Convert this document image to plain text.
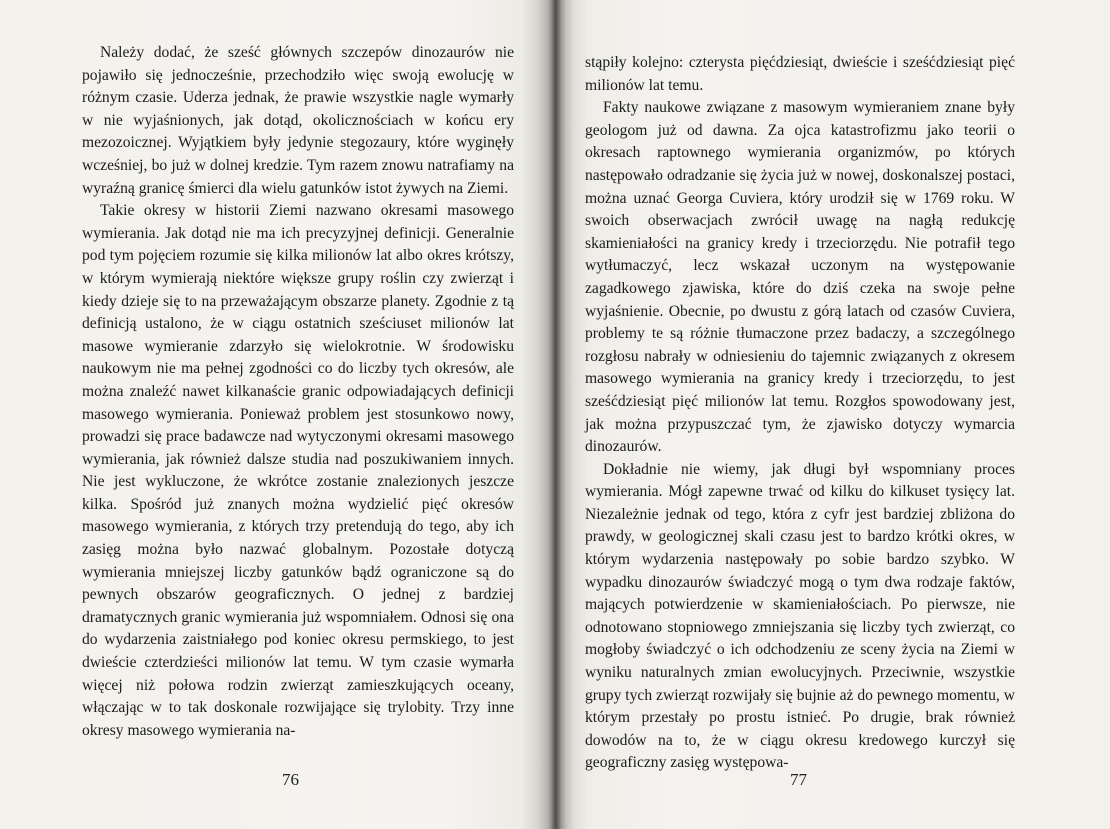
Należy dodać, że sześć głównych szczepów dinozaurów nie pojawiło się jednocześnie, przechodziło więc swoją ewolucję w różnym czasie. Uderza jednak, że prawie wszystkie nagle wymarły w nie wyjaśnionych, jak dotąd, okolicznościach w końcu ery mezozoicznej. Wyjątkiem były jedynie stegozaury, które wyginęły wcześniej, bo już w dolnej kredzie. Tym razem znowu natrafiamy na wyraźną granicę śmierci dla wielu gatunków istot żywych na Ziemi.

Takie okresy w historii Ziemi nazwano okresami masowego wymierania. Jak dotąd nie ma ich precyzyjnej definicji. Generalnie pod tym pojęciem rozumie się kilka milionów lat albo okres krótszy, w którym wymierają niektóre większe grupy roślin czy zwierząt i kiedy dzieje się to na przeważającym obszarze planety. Zgodnie z tą definicją ustalono, że w ciągu ostatnich sześciuset milionów lat masowe wymieranie zdarzyło się wielokrotnie. W środowisku naukowym nie ma pełnej zgodności co do liczby tych okresów, ale można znaleźć nawet kilkanaście granic odpowiadających definicji masowego wymierania. Ponieważ problem jest stosunkowo nowy, prowadzi się prace badawcze nad wytyczonymi okresami masowego wymierania, jak również dalsze studia nad poszukiwaniem innych. Nie jest wykluczone, że wkrótce zostanie znalezionych jeszcze kilka. Spośród już znanych można wydzielić pięć okresów masowego wymierania, z których trzy pretendują do tego, aby ich zasięg można było nazwać globalnym. Pozostałe dotyczą wymierania mniejszej liczby gatunków bądź ograniczone są do pewnych obszarów geograficznych. O jednej z bardziej dramatycznych granic wymierania już wspomniałem. Odnosi się ona do wydarzenia zaistniałego pod koniec okresu permskiego, to jest dwieście czterdzieści milionów lat temu. W tym czasie wymarła więcej niż połowa rodzin zwierząt zamieszkujących oceany, włączając w to tak doskonale rozwijające się trylobity. Trzy inne okresy masowego wymierania na-

76

stąpiły kolejno: czterysta pięćdziesiąt, dwieście i sześćdziesiąt pięć milionów lat temu.

Fakty naukowe związane z masowym wymieraniem znane były geologom już od dawna. Za ojca katastrofizmu jako teorii o okresach raptownego wymierania organizmów, po których następowało odradzanie się życia już w nowej, doskonalszej postaci, można uznać Georga Cuviera, który urodził się w 1769 roku. W swoich obserwacjach zwrócił uwagę na nagłą redukcję skamieniałości na granicy kredy i trzeciorzędu. Nie potrafił tego wytłumaczyć, lecz wskazał uczonym na występowanie zagadkowego zjawiska, które do dziś czeka na swoje pełne wyjaśnienie. Obecnie, po dwustu z górą latach od czasów Cuviera, problemy te są różnie tłumaczone przez badaczy, a szczególnego rozgłosu nabrały w odniesieniu do tajemnic związanych z okresem masowego wymierania na granicy kredy i trzeciorzędu, to jest sześćdziesiąt pięć milionów lat temu. Rozgłos spowodowany jest, jak można przypuszczać tym, że zjawisko dotyczy wymarcia dinozaurów.

Dokładnie nie wiemy, jak długi był wspomniany proces wymierania. Mógł zapewne trwać od kilku do kilkuset tysięcy lat. Niezależnie jednak od tego, która z cyfr jest bardziej zbliżona do prawdy, w geologicznej skali czasu jest to bardzo krótki okres, w którym wydarzenia następowały po sobie bardzo szybko. W wypadku dinozaurów świadczyć mogą o tym dwa rodzaje faktów, mających potwierdzenie w skamieniałościach. Po pierwsze, nie odnotowano stopniowego zmniejszania się liczby tych zwierząt, co mogłoby świadczyć o ich odchodzeniu ze sceny życia na Ziemi w wyniku naturalnych zmian ewolucyjnych. Przeciwnie, wszystkie grupy tych zwierząt rozwijały się bujnie aż do pewnego momentu, w którym przestały po prostu istnieć. Po drugie, brak również dowodów na to, że w ciągu okresu kredowego kurczył się geograficzny zasięg występowa-

77
